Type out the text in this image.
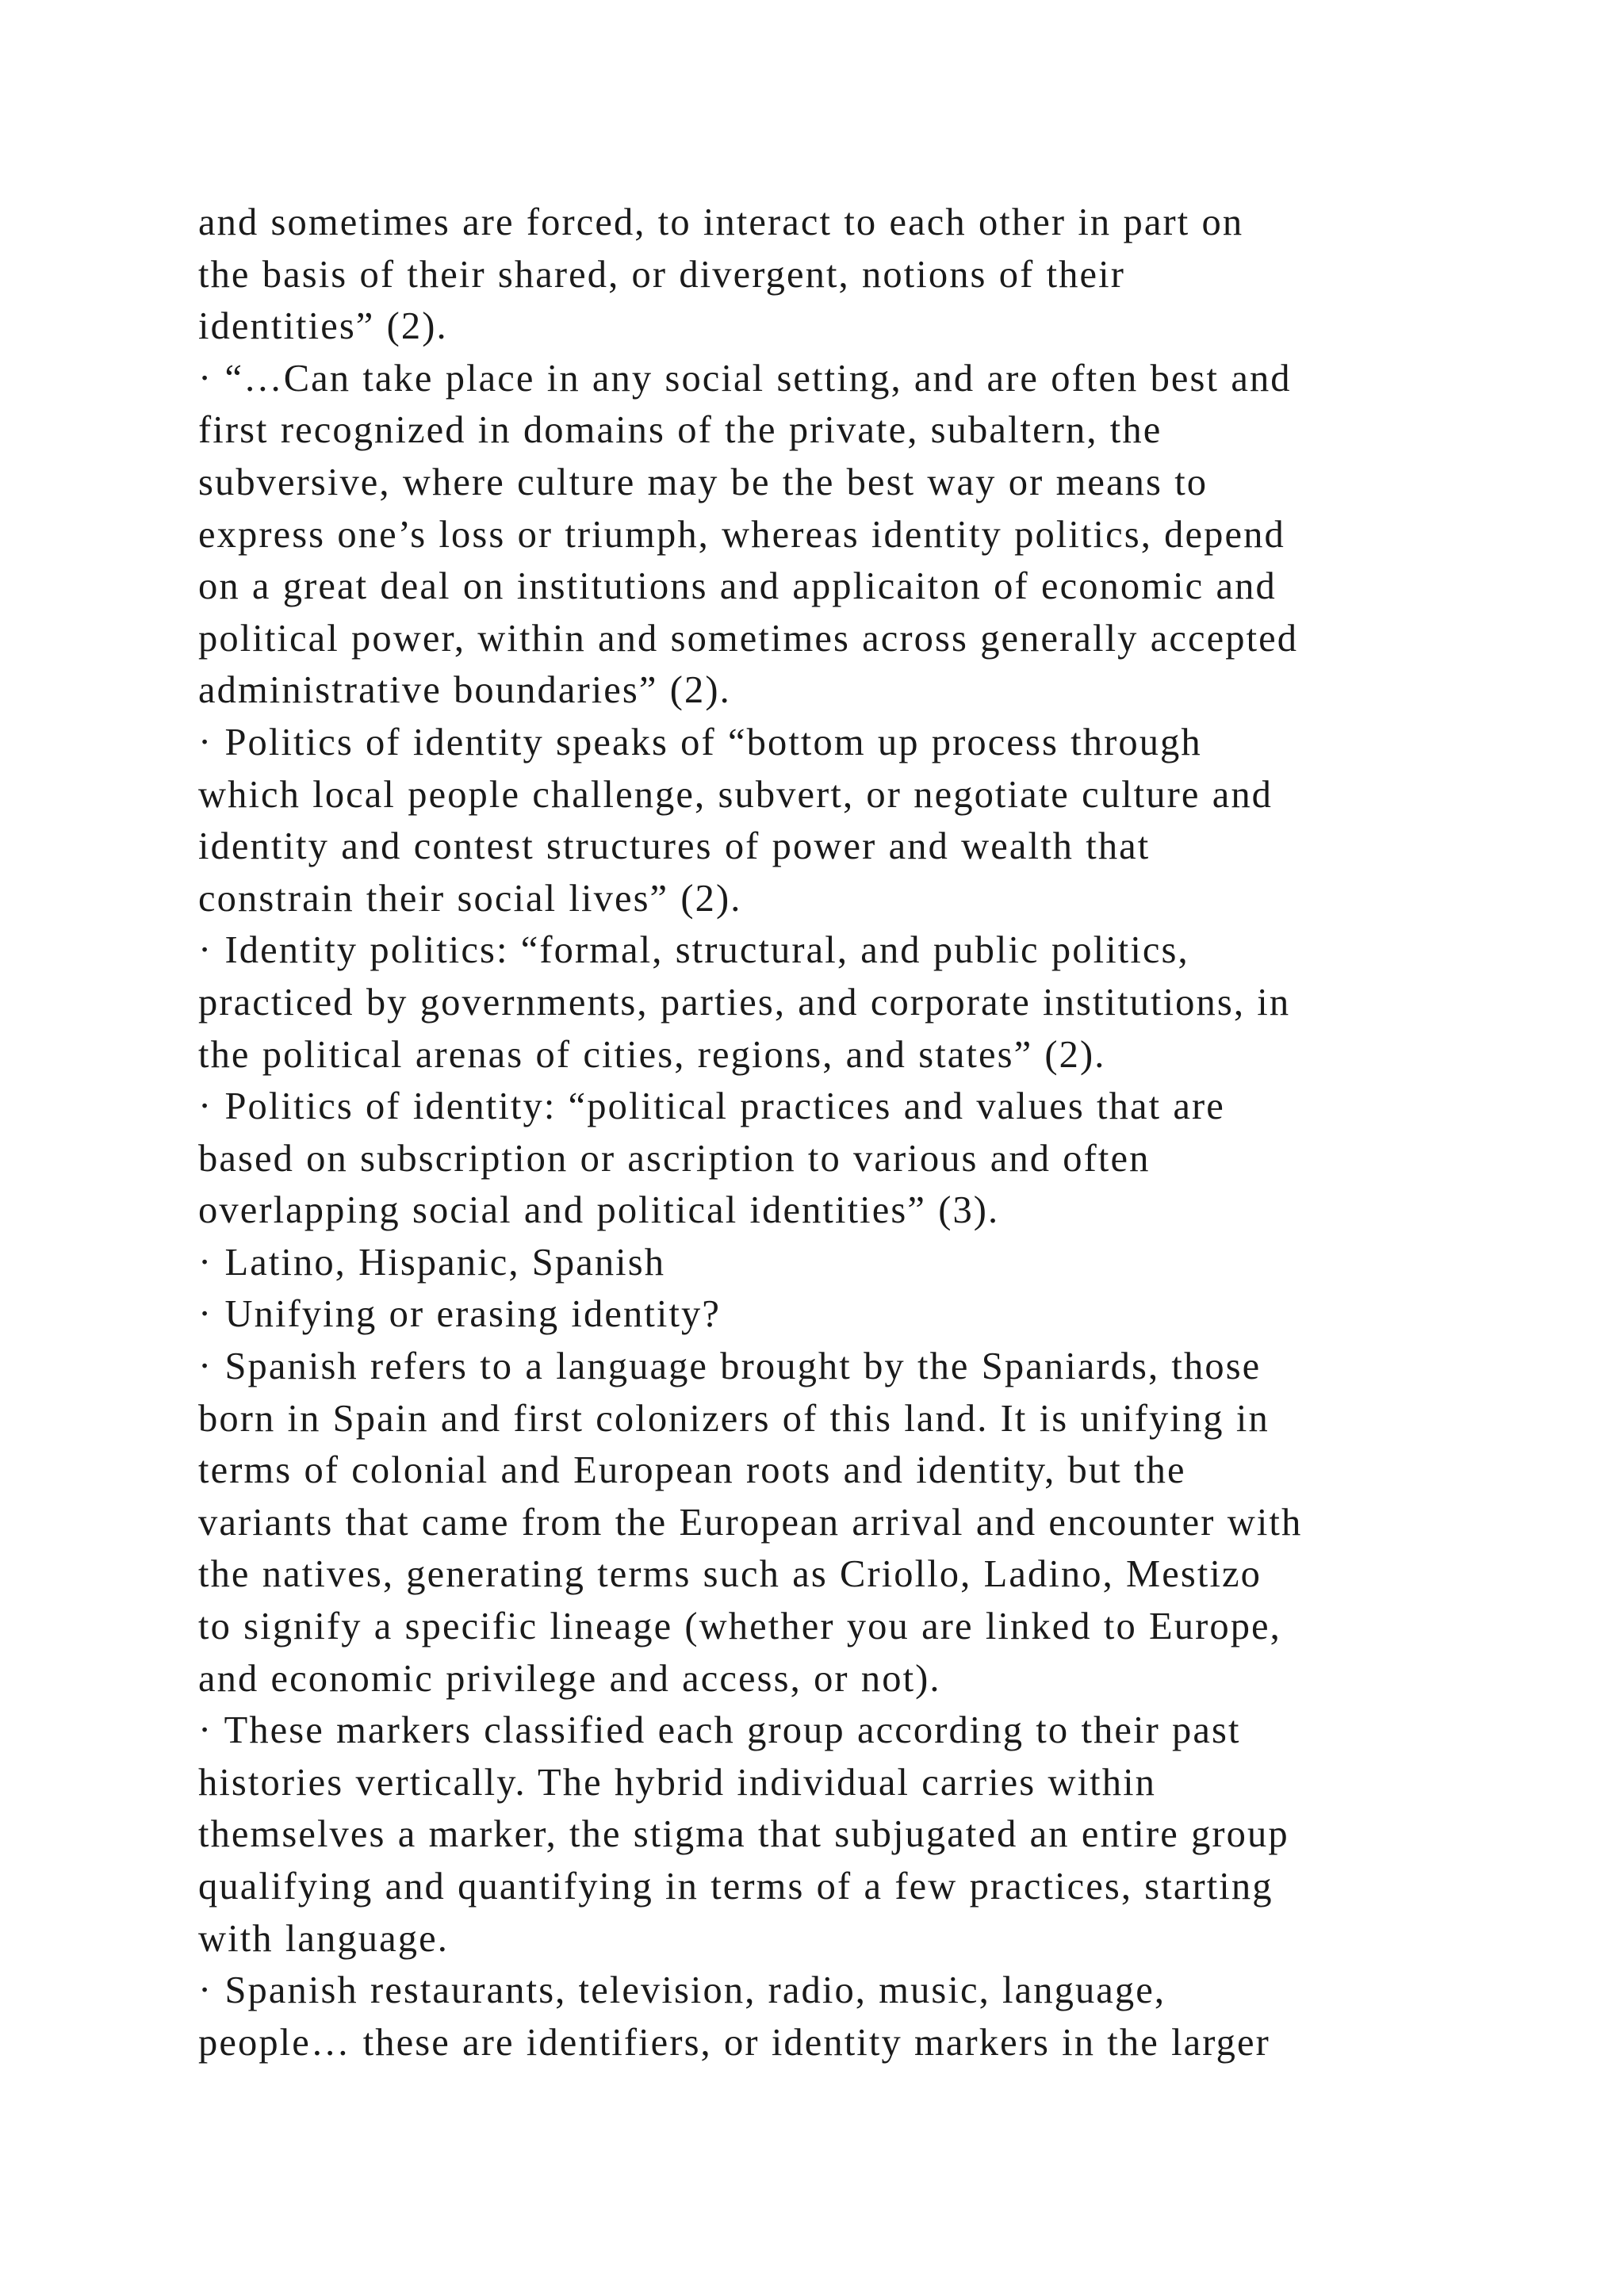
and sometimes are forced, to interact to each other in part on
the basis of their shared, or divergent, notions of their
identities” (2).
· “…Can take place in any social setting, and are often best and
first recognized in domains of the private, subaltern, the
subversive, where culture may be the best way or means to
express one’s loss or triumph, whereas identity politics, depend
on a great deal on institutions and applicaiton of economic and
political power, within and sometimes across generally accepted
administrative boundaries” (2).
· Politics of identity speaks of “bottom up process through
which local people challenge, subvert, or negotiate culture and
identity and contest structures of power and wealth that
constrain their social lives” (2).
· Identity politics: “formal, structural, and public politics,
practiced by governments, parties, and corporate institutions, in
the political arenas of cities, regions, and states” (2).
· Politics of identity: “political practices and values that are
based on subscription or ascription to various and often
overlapping social and political identities” (3).
· Latino, Hispanic, Spanish
· Unifying or erasing identity?
· Spanish refers to a language brought by the Spaniards, those
born in Spain and first colonizers of this land. It is unifying in
terms of colonial and European roots and identity, but the
variants that came from the European arrival and encounter with
the natives, generating terms such as Criollo, Ladino, Mestizo
to signify a specific lineage (whether you are linked to Europe,
and economic privilege and access, or not).
· These markers classified each group according to their past
histories vertically. The hybrid individual carries within
themselves a marker, the stigma that subjugated an entire group
qualifying and quantifying in terms of a few practices, starting
with language.
· Spanish restaurants, television, radio, music, language,
people… these are identifiers, or identity markers in the larger
